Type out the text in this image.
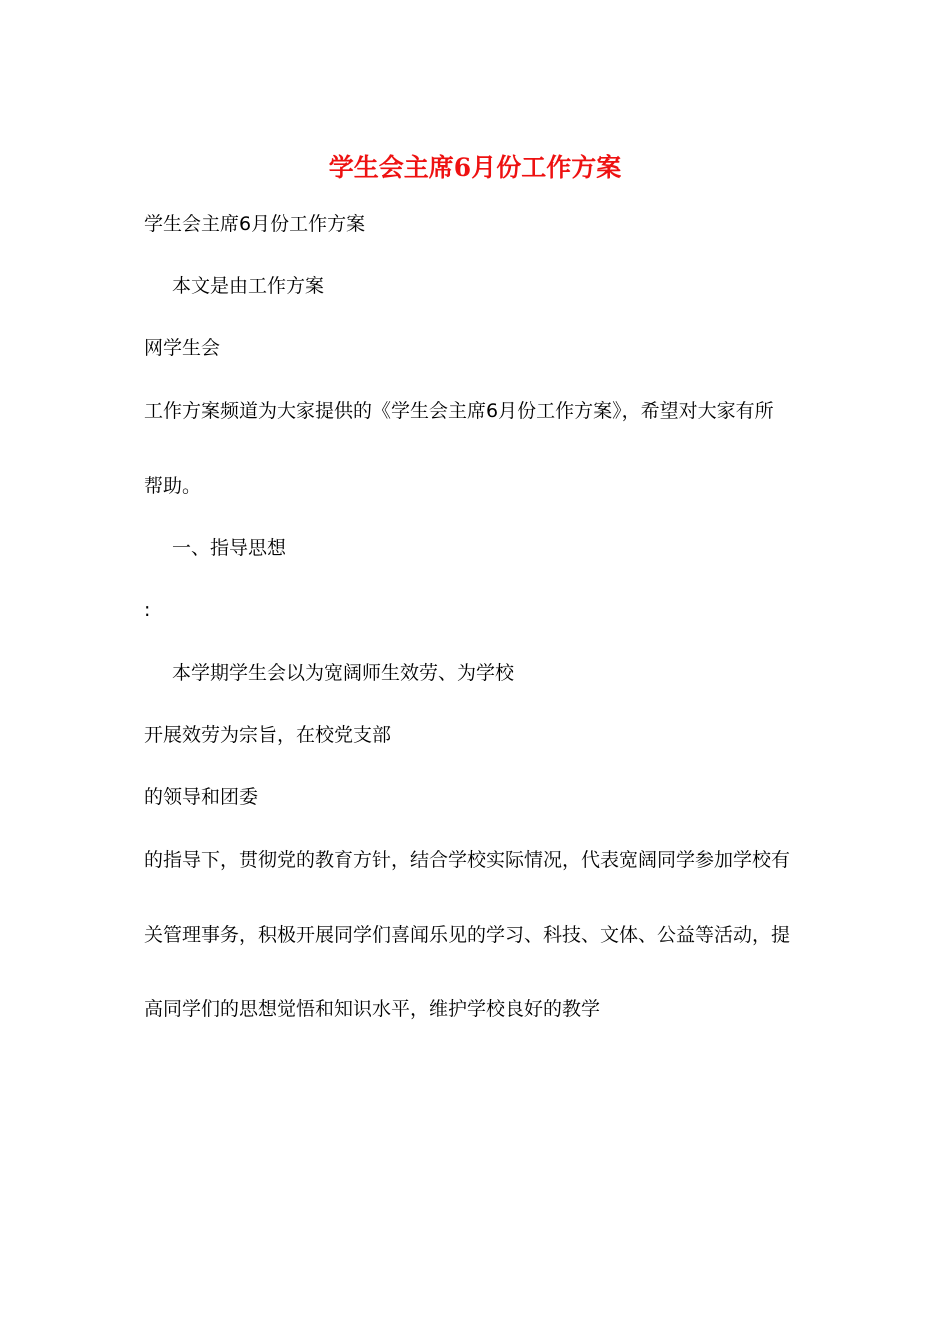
学生会主席6月份工作方案

学生会主席6月份工作方案

本文是由工作方案

网学生会

工作方案频道为大家提供的《学生会主席6月份工作方案》，希望对大家有所

帮助。

一、指导思想

:

本学期学生会以为宽阔师生效劳、为学校

开展效劳为宗旨，在校党支部

的领导和团委

的指导下，贯彻党的教育方针，结合学校实际情况，代表宽阔同学参加学校有

关管理事务，积极开展同学们喜闻乐见的学习、科技、文体、公益等活动，提

高同学们的思想觉悟和知识水平，维护学校良好的教学
